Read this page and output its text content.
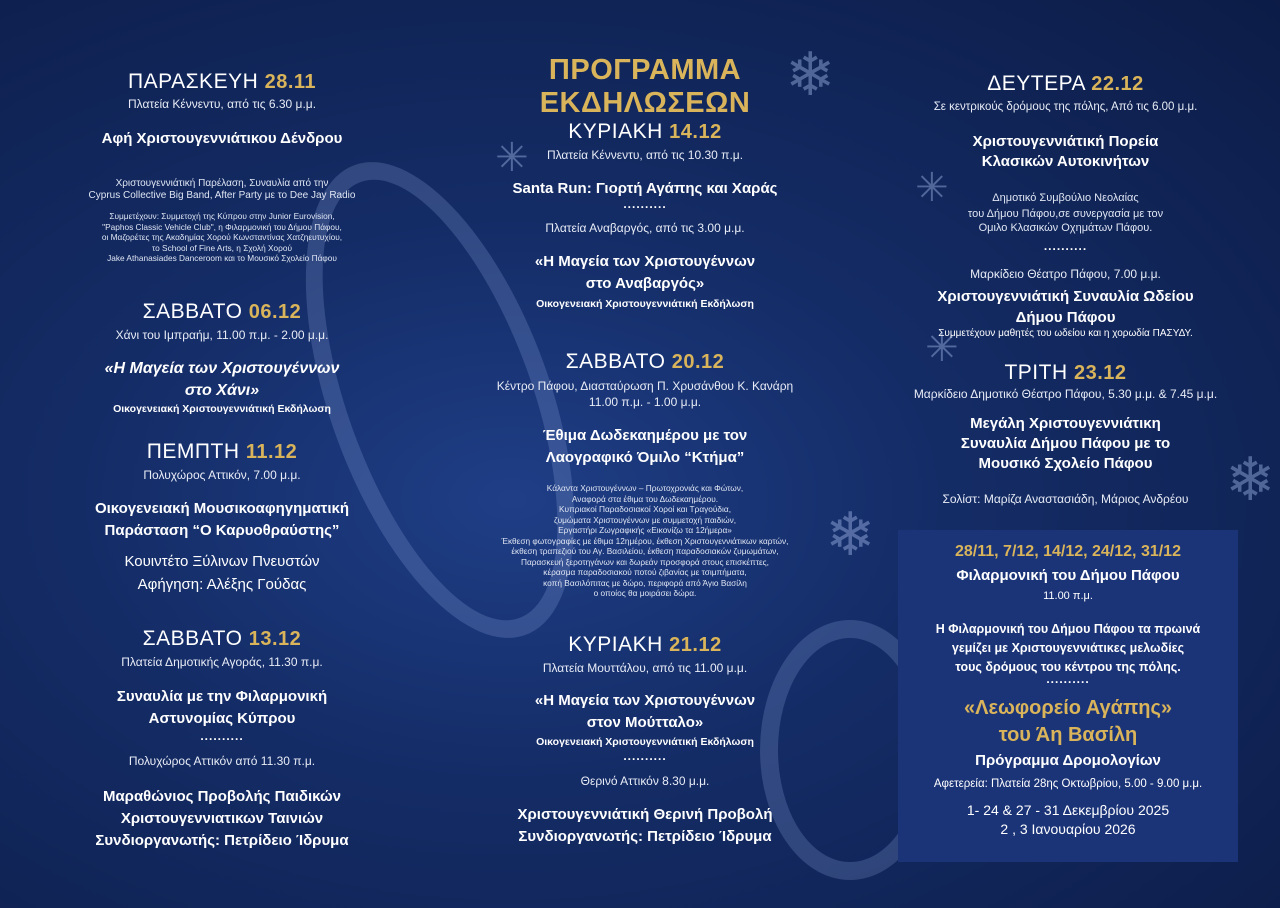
❄
❄
❄
✳
✳
✳
ΠΡΟΓΡΑΜΜΑ ΕΚΔΗΛΩΣΕΩΝ
ΠΑΡΑΣΚΕΥΗ 28.11
Πλατεία Κέννεντυ, από τις 6.30 μ.μ.
Αφή Χριστουγεννιάτικου Δένδρου
Χριστουγεννιάτική Παρέλαση, Συναυλία από την
Cyprus Collective Big Band, After Party με το Dee Jay Radio
Συμμετέχουν: Συμμετοχή της Κύπρου στην Junior Eurovision,
"Paphos Classic Vehicle Club", η Φιλαρμονική του Δήμου Πάφου,
οι Μαζορέτες της Ακαδημίας Χορού Κωνσταντίνας Χατζηευτυχίου,
το School of Fine Arts, η Σχολή Χορού
Jake Athanasiades Danceroom και το Μουσικό Σχολείο Πάφου
ΣΑΒΒΑΤΟ 06.12
Χάνι του Ιμπραήμ, 11.00 π.μ. - 2.00 μ.μ.
«Η Μαγεία των Χριστουγέννων
στο Χάνι»
Οικογενειακή Χριστουγεννιάτική Εκδήλωση
ΠΕΜΠΤΗ 11.12
Πολυχώρος Αττικόν, 7.00 μ.μ.
Οικογενειακή Μουσικοαφηγηματική
Παράσταση “Ο Καρυοθραύστης”
Κουιντέτο Ξύλινων Πνευστών
Αφήγηση: Αλέξης Γούδας
ΣΑΒΒΑΤΟ 13.12
Πλατεία Δημοτικής Αγοράς, 11.30 π.μ.
Συναυλία με την Φιλαρμονική
Αστυνομίας Κύπρου
..........
Πολυχώρος Αττικόν από 11.30 π.μ.
Μαραθώνιος Προβολής Παιδικών
Χριστουγεννιατικων Ταινιών
Συνδιοργανωτής: Πετρίδειο Ίδρυμα
ΚΥΡΙΑΚΗ 14.12
Πλατεία Κέννεντυ, από τις 10.30 π.μ.
Santa Run: Γιορτή Αγάπης και Χαράς
..........
Πλατεία Αναβαργός, από τις 3.00 μ.μ.
«Η Μαγεία των Χριστουγέννων
στο Αναβαργός»
Οικογενειακή Χριστουγεννιάτική Εκδήλωση
ΣΑΒΒΑΤΟ 20.12
Κέντρο Πάφου, Διασταύρωση Π. Χρυσάνθου Κ. Κανάρη
11.00 π.μ. - 1.00 μ.μ.
Έθιμα Δωδεκαημέρου με τον
Λαογραφικό Όμιλο “Κτήμα”
Κάλαντα Χριστουγέννων – Πρωτοχρονιάς και Φώτων,
Αναφορά στα έθιμα του Δωδεκαημέρου.
Κυπριακοί Παραδοσιακοί Χοροί και Τραγούδια,
ζυμώματα Χριστουγέννων με συμμετοχή παιδιών,
Εργαστήρι Ζωγραφικής «Εικονίζω τα 12ήμερα»
Έκθεση φωτογραφίες με έθιμα 12ημέρου, έκθεση Χριστουγεννιάτικων καρτών,
έκθεση τραπεζιού του Αγ. Βασιλείου, έκθεση παραδοσιακών ζυμωμάτων,
Παρασκευή ξεροτηγάνων και δωρεάν προσφορά στους επισκέπτες,
κέρασμα παραδοσιακού ποτού ζιβανίας με τσιμπήματα,
κοπή Βασιλόπιτας με δώρο, περιφορά από Άγιο Βασίλη
ο οποίος θα μοιράσει δώρα.
ΚΥΡΙΑΚΗ 21.12
Πλατεία Μουττάλου, από τις 11.00 μ.μ.
«Η Μαγεία των Χριστουγέννων
στον Μούτταλο»
Οικογενειακή Χριστουγεννιάτική Εκδήλωση
..........
Θερινό Αττικόν 8.30 μ.μ.
Χριστουγεννιάτική Θερινή Προβολή
Συνδιοργανωτής: Πετρίδειο Ίδρυμα
ΔΕΥΤΕΡΑ 22.12
Σε κεντρικούς δρόμους της πόλης, Από τις 6.00 μ.μ.
Χριστουγεννιάτική Πορεία
Κλασικών Αυτοκινήτων
Δημοτικό Συμβούλιο Νεολαίας
του Δήμου Πάφου,σε συνεργασία με τον
Ομιλο Κλασικών Οχημάτων Πάφου.
..........
Μαρκίδειο Θέατρο Πάφου, 7.00 μ.μ.
Χριστουγεννιάτική Συναυλία Ωδείου
Δήμου Πάφου
Συμμετέχουν μαθητές του ωδείου και η χορωδία ΠΑΣΥΔΥ.
ΤΡΙΤΗ 23.12
Μαρκίδειο Δημοτικό Θέατρο Πάφου, 5.30 μ.μ. & 7.45 μ.μ.
Μεγάλη Χριστουγεννιάτικη
Συναυλία Δήμου Πάφου με το
Μουσικό Σχολείο Πάφου
Σολίστ: Μαρίζα Αναστασιάδη, Μάριος Ανδρέου
28/11, 7/12, 14/12, 24/12, 31/12
Φιλαρμονική του Δήμου Πάφου
11.00 π.μ.
Η Φιλαρμονική του Δήμου Πάφου τα πρωινά
γεμίζει με Χριστουγεννιάτικες μελωδίες
τους δρόμους του κέντρου της πόλης.
..........
«Λεωφορείο Αγάπης»
του Άη Βασίλη
Πρόγραμμα Δρομολογίων
Αφετερεία: Πλατεία 28ης Οκτωβρίου, 5.00 - 9.00 μ.μ.
1- 24 & 27 - 31 Δεκεμβρίου 2025
2 , 3 Ιανουαρίου 2026
